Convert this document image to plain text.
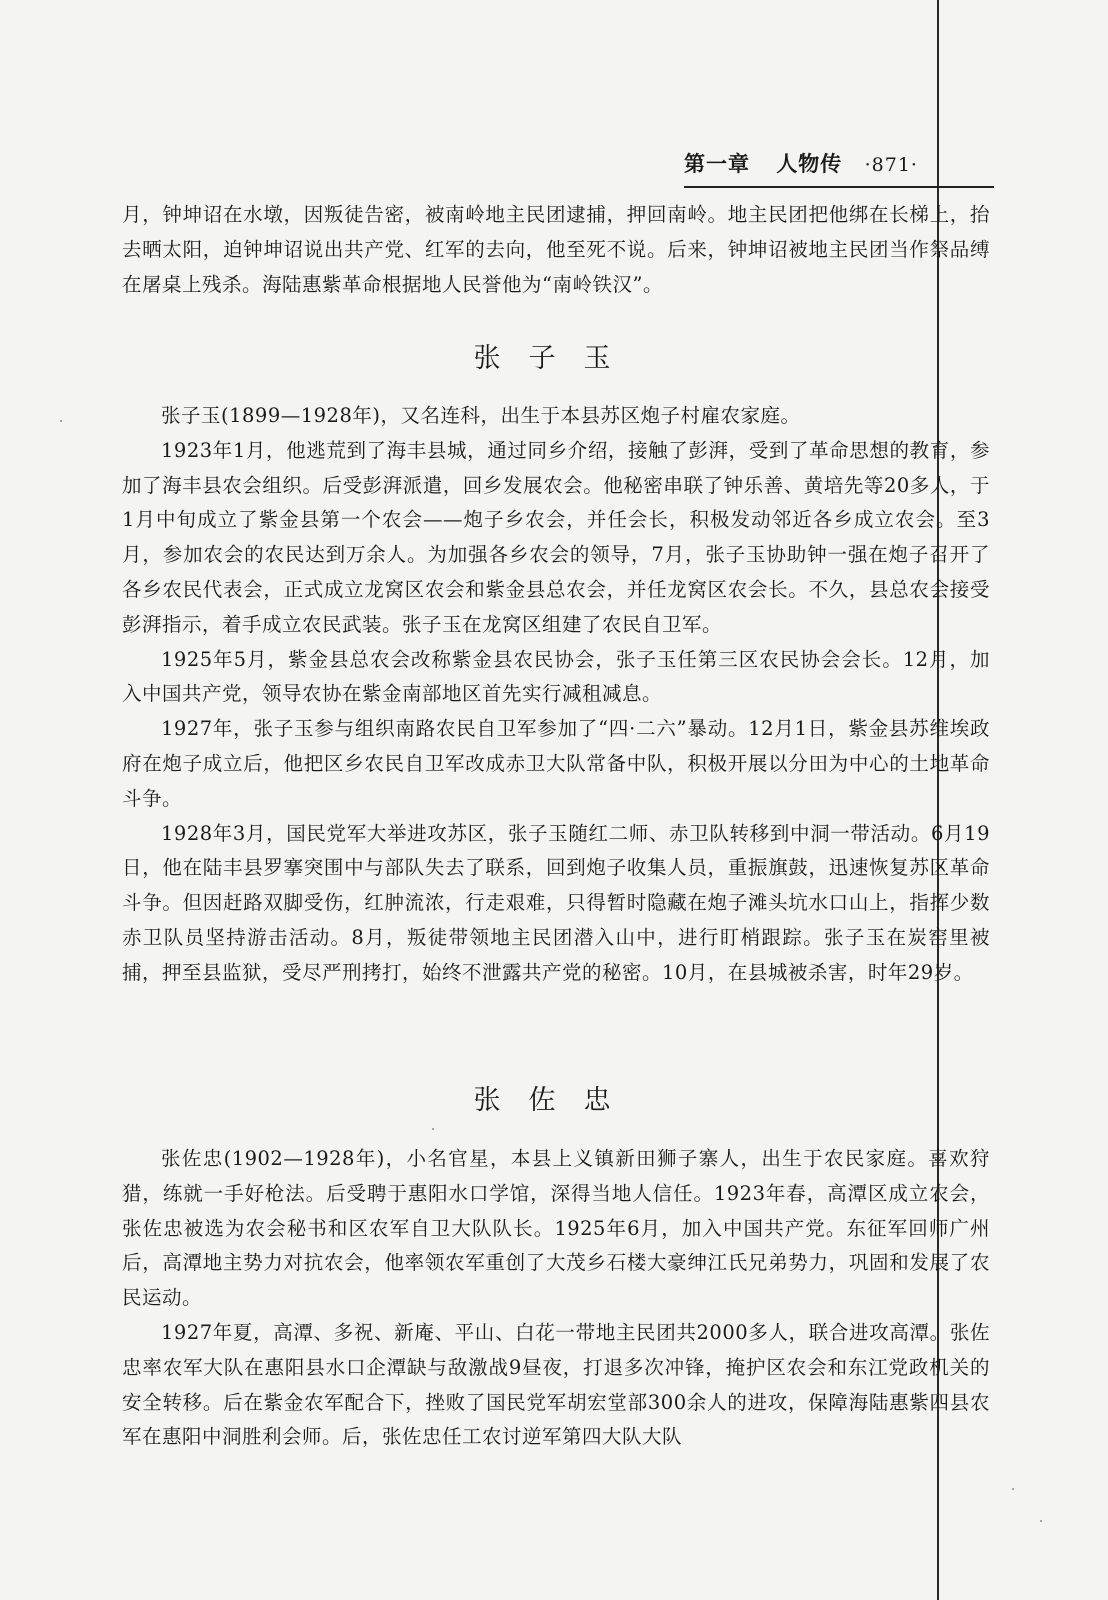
第一章 人物传 ·871·

月，钟坤诏在水墩，因叛徒告密，被南岭地主民团逮捕，押回南岭。地主民团把他绑在长梯上，抬去晒太阳，迫钟坤诏说出共产党、红军的去向，他至死不说。后来，钟坤诏被地主民团当作祭品缚在屠桌上残杀。海陆惠紫革命根据地人民誉他为“南岭铁汉”。

张子玉

张子玉(1899—1928年)，又名连科，出生于本县苏区炮子村雇农家庭。

1923年1月，他逃荒到了海丰县城，通过同乡介绍，接触了彭湃，受到了革命思想的教育，参加了海丰县农会组织。后受彭湃派遣，回乡发展农会。他秘密串联了钟乐善、黄培先等20多人，于1月中旬成立了紫金县第一个农会——炮子乡农会，并任会长，积极发动邻近各乡成立农会。至3月，参加农会的农民达到万余人。为加强各乡农会的领导，7月，张子玉协助钟一强在炮子召开了各乡农民代表会，正式成立龙窝区农会和紫金县总农会，并任龙窝区农会长。不久，县总农会接受彭湃指示，着手成立农民武装。张子玉在龙窝区组建了农民自卫军。

1925年5月，紫金县总农会改称紫金县农民协会，张子玉任第三区农民协会会长。12月，加入中国共产党，领导农协在紫金南部地区首先实行减租减息。

1927年，张子玉参与组织南路农民自卫军参加了“四·二六”暴动。12月1日，紫金县苏维埃政府在炮子成立后，他把区乡农民自卫军改成赤卫大队常备中队，积极开展以分田为中心的土地革命斗争。

1928年3月，国民党军大举进攻苏区，张子玉随红二师、赤卫队转移到中洞一带活动。6月19日，他在陆丰县罗搴突围中与部队失去了联系，回到炮子收集人员，重振旗鼓，迅速恢复苏区革命斗争。但因赶路双脚受伤，红肿流浓，行走艰难，只得暂时隐藏在炮子滩头坑水口山上，指挥少数赤卫队员坚持游击活动。8月，叛徒带领地主民团潜入山中，进行盯梢跟踪。张子玉在炭窑里被捕，押至县监狱，受尽严刑拷打，始终不泄露共产党的秘密。10月，在县城被杀害，时年29岁。

张佐忠

张佐忠(1902—1928年)，小名官星，本县上义镇新田狮子寨人，出生于农民家庭。喜欢狩猎，练就一手好枪法。后受聘于惠阳水口学馆，深得当地人信任。1923年春，高潭区成立农会，张佐忠被选为农会秘书和区农军自卫大队队长。1925年6月，加入中国共产党。东征军回师广州后，高潭地主势力对抗农会，他率领农军重创了大茂乡石楼大豪绅江氏兄弟势力，巩固和发展了农民运动。

1927年夏，高潭、多祝、新庵、平山、白花一带地主民团共2000多人，联合进攻高潭。张佐忠率农军大队在惠阳县水口企潭缺与敌激战9昼夜，打退多次冲锋，掩护区农会和东江党政机关的安全转移。后在紫金农军配合下，挫败了国民党军胡宏堂部300余人的进攻，保障海陆惠紫四县农军在惠阳中洞胜利会师。后，张佐忠任工农讨逆军第四大队大队
